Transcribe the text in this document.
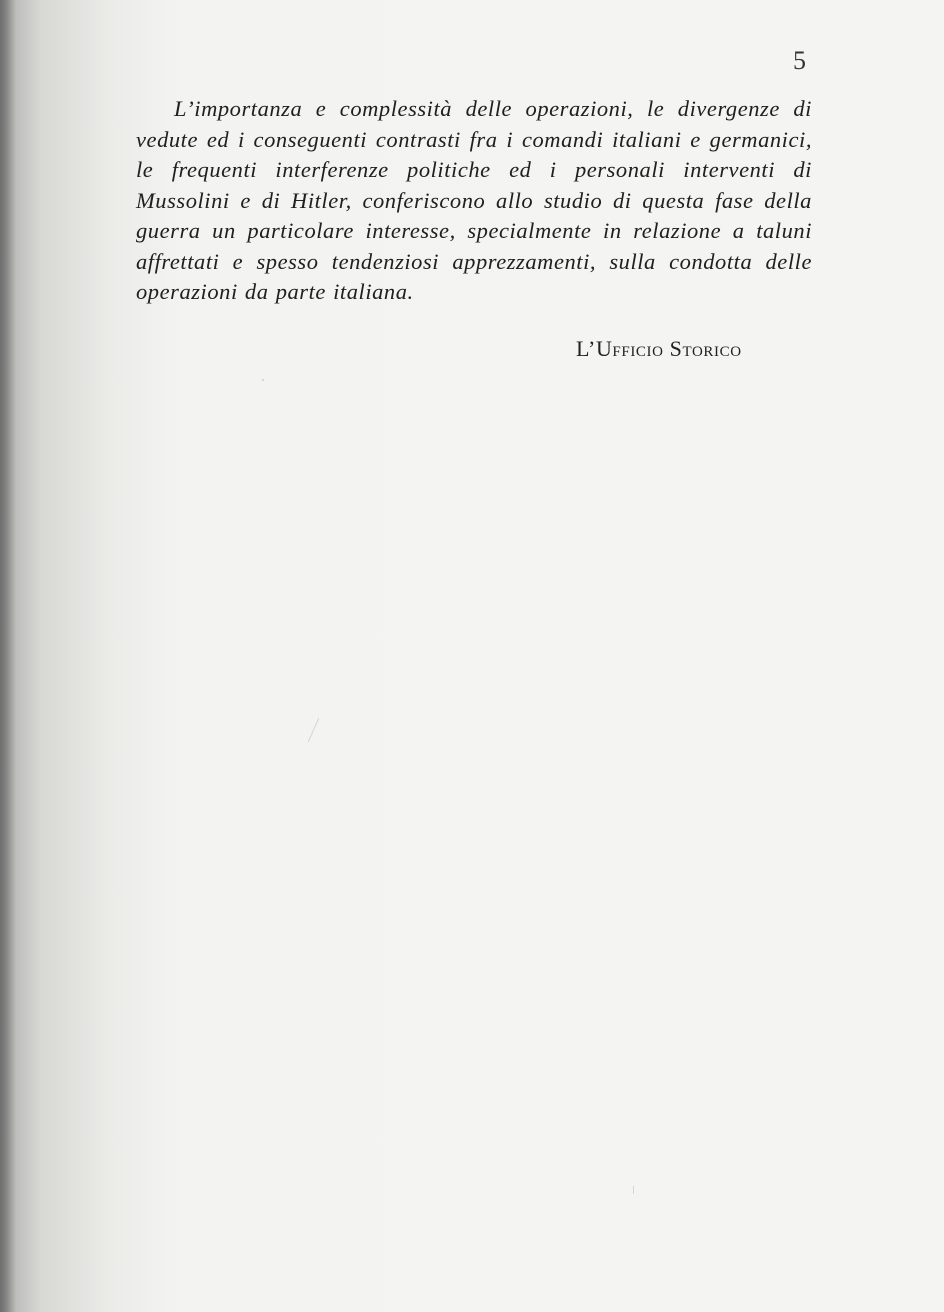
5

L’importanza e complessità delle operazioni, le divergenze di vedute ed i conseguenti contrasti fra i comandi italiani e germanici, le frequenti interferenze politiche ed i personali interventi di Mussolini e di Hitler, conferiscono allo studio di questa fase della guerra un particolare interesse, specialmente in relazione a taluni affrettati e spesso tendenziosi apprezzamenti, sulla condotta delle operazioni da parte italiana.

L’Ufficio Storico
